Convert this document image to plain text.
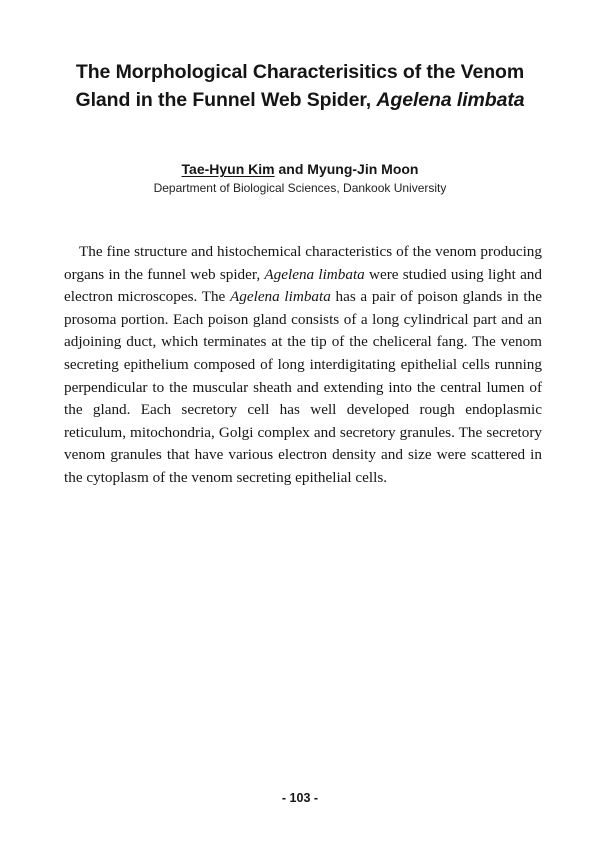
The Morphological Characterisitics of the Venom
Gland in the Funnel Web Spider, Agelena limbata
Tae-Hyun Kim and Myung-Jin Moon
Department of Biological Sciences, Dankook University

The fine structure and histochemical characteristics of the venom producing organs in the funnel web spider, Agelena limbata were studied using light and electron microscopes. The Agelena limbata has a pair of poison glands in the prosoma portion. Each poison gland consists of a long cylindrical part and an adjoining duct, which terminates at the tip of the cheliceral fang. The venom secreting epithelium composed of long interdigitating epithelial cells running perpendicular to the muscular sheath and extending into the central lumen of the gland. Each secretory cell has well developed rough endoplasmic reticulum, mitochondria, Golgi complex and secretory granules. The secretory venom granules that have various electron density and size were scattered in the cytoplasm of the venom secreting epithelial cells.

- 103 -
